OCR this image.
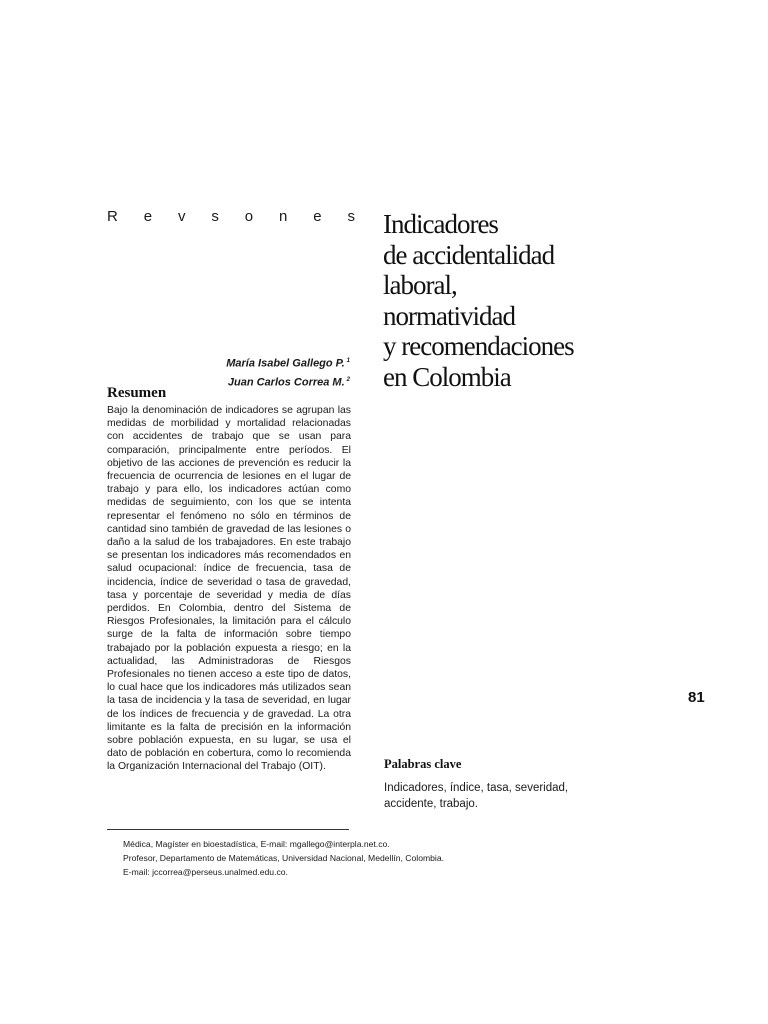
R e v s o n e s Indicadores
de accidentalidad
laboral,
normatividad
y recomendaciones
en Colombia
María Isabel Gallego P. $^1$
Juan Carlos Correa M. $^2$
Resumen

Bajo la denominación de indicadores se agrupan las medidas de morbilidad y mortalidad relacionadas con accidentes de trabajo que se usan para comparación, principalmente entre períodos. El objetivo de las acciones de prevención es reducir la frecuencia de ocurrencia de lesiones en el lugar de trabajo y para ello, los indicadores actúan como medidas de seguimiento, con los que se intenta representar el fenómeno no sólo en términos de cantidad sino también de gravedad de las lesiones o daño a la salud de los trabajadores. En este trabajo se presentan los indicadores más recomendados en salud ocupacional: índice de frecuencia, tasa de incidencia, índice de severidad o tasa de gravedad, tasa y porcentaje de severidad y media de días perdidos. En Colombia, dentro del Sistema de Riesgos Profesionales, la limitación para el cálculo surge de la falta de información sobre tiempo trabajado por la población expuesta a riesgo; en la actualidad, las Administradoras de Riesgos Profesionales no tienen acceso a este tipo de datos, lo cual hace que los indicadores más utilizados sean la tasa de incidencia y la tasa de severidad, en lugar de los índices de frecuencia y de gravedad. La otra limitante es la falta de precisión en la información sobre población expuesta, en su lugar, se usa el dato de población en cobertura, como lo recomienda la Organización Internacional del Trabajo (OIT).

81
Palabras clave

Indicadores, índice, tasa, severidad, accidente, trabajo.

Médica, Magíster en bioestadística, E-mail: mgallego@interpla.net.co.
Profesor, Departamento de Matemáticas, Universidad Nacional, Medellín, Colombia.
E-mail: jccorrea@perseus.unalmed.edu.co.
